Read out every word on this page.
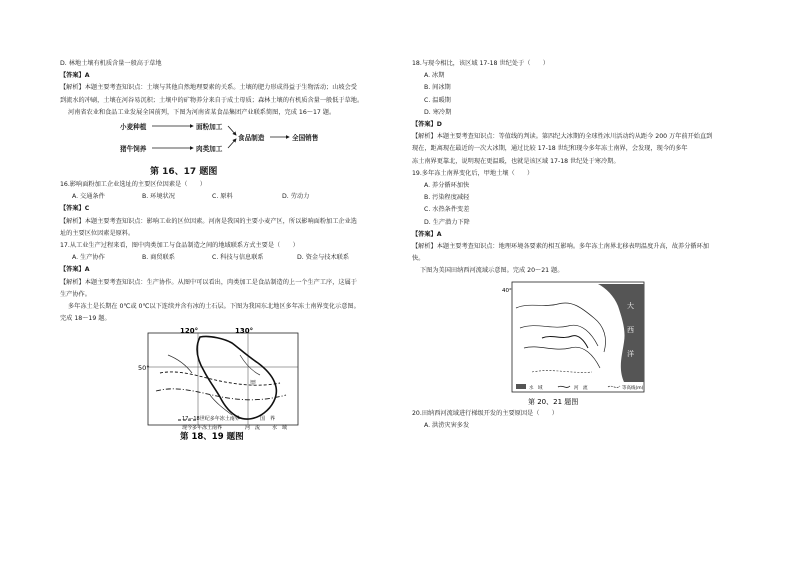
D. 林地土壤有机质含量一般高于草地
【答案】A
【解析】本题主要考查知识点：土壤与其他自然地理要素的关系。土壤的肥力形成得益于生物活动；山坡会受
到流水的冲刷，土壤在河谷易沉积；土壤中的矿物养分来自于成土母质；森林土壤的有机质含量一般低于草地。
河南省农业和食品工业发展全国前列，下图为河南省某食品集团产业联系简图，完成 16～17 题。
小麦种植	面粉加工
猪牛饲养	肉类加工
食品制造	全国销售
第 16、17 题图
16.影响面粉加工企业选址的主要区位因素是（　　）
A. 交通条件	B. 环境状况	C. 原料	D. 劳动力
【答案】C
【解析】本题主要考查知识点：影响工业的区位因素。河南是我国的主要小麦产区，所以影响面粉加工企业选
址的主要区位因素是原料。
17.从工业生产过程来看，图中肉类加工与食品制造之间的地域联系方式主要是（　　）
A. 生产协作	B. 商贸联系	C. 科技与信息联系	D. 资金与技术联系
【答案】A
【解析】本题主要考查知识点：生产协作。从图中可以看出，肉类加工是食品制造的上一个生产工序，这属于
生产协作。
多年冻土是长期在 0℃或 0℃以下连续并含有冰的土石层。下图为我国东北地区多年冻土南界变化示意图。
完成 18～19 题。
120°	130°
50°
甲
17—18世纪多年冻土南界	国　界
现今多年冻土南界	河　流 水　域
第 18、19 题图
18.与现今相比，该区域 17-18 世纪处于（　　）
A. 冰期
B. 间冰期
C. 温暖期
D. 寒冷期
【答案】D
【解析】本题主要考查知识点：等值线的判读。第四纪大冰期的全球性冰川活动约从距今 200 万年前开始直到
现在，距离现在最近的一次大冰期，通过比较 17-18 世纪和现今多年冻土南界，会发现，现今的多年
冻土南界更靠北，说明现在更温暖，也就是该区域 17-18 世纪处于寒冷期。
19.多年冻土南界变化后，甲地土壤（　　）
A. 养分循环加快
B. 污染程度减轻
C. 水热条件变差
D. 生产潜力下降
【答案】A
【解析】本题主要考查知识点：地理环境各要素的相互影响。多年冻土南界北移表明温度升高，故养分循环加
快。
下图为美国田纳西河流域示意图。完成 20～21 题。
40°
大
西
洋
水　域	河　流	等高线(m)
第 20、21 题图
20.田纳西河流域进行梯级开发的主要原因是（　　）
A. 洪涝灾害多发
